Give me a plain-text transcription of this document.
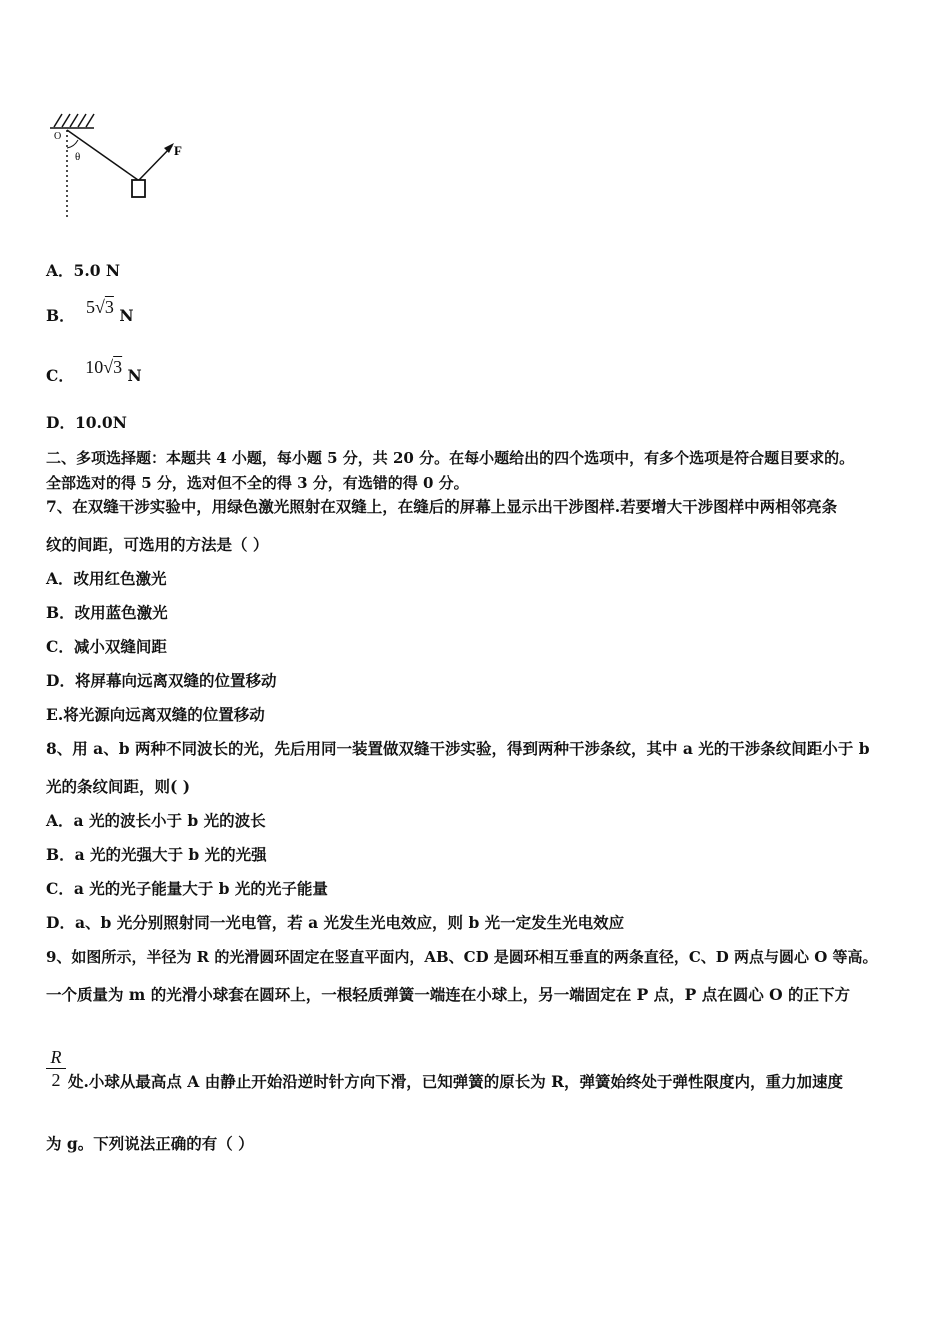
O
θ	F
A．5.0 N
B． 5√3 N
C． 10√3 N
D．10.0N
二、多项选择题：本题共 4 小题，每小题 5 分，共 20 分。在每小题给出的四个选项中，有多个选项是符合题目要求的。
全部选对的得 5 分，选对但不全的得 3 分，有选错的得 0 分。
7、在双缝干涉实验中，用绿色激光照射在双缝上，在缝后的屏幕上显示出干涉图样.若要增大干涉图样中两相邻亮条
纹的间距，可选用的方法是（ ）
A．改用红色激光
B．改用蓝色激光
C．减小双缝间距
D．将屏幕向远离双缝的位置移动
E.将光源向远离双缝的位置移动
8、用 a、b 两种不同波长的光，先后用同一装置做双缝干涉实验，得到两种干涉条纹，其中 a 光的干涉条纹间距小于 b
光的条纹间距，则( )
A．a 光的波长小于 b 光的波长
B．a 光的光强大于 b 光的光强
C．a 光的光子能量大于 b 光的光子能量
D．a、b 光分别照射同一光电管，若 a 光发生光电效应，则 b 光一定发生光电效应
9、如图所示，半径为 R 的光滑圆环固定在竖直平面内，AB、CD 是圆环相互垂直的两条直径，C、D 两点与圆心 O 等高。
一个质量为 m 的光滑小球套在圆环上，一根轻质弹簧一端连在小球上，另一端固定在 P 点，P 点在圆心 O 的正下方
$\frac{R}{2}$ 处.小球从最高点 A 由静止开始沿逆时针方向下滑，已知弹簧的原长为 R，弹簧始终处于弹性限度内，重力加速度
为 g。下列说法正确的有（ ）
